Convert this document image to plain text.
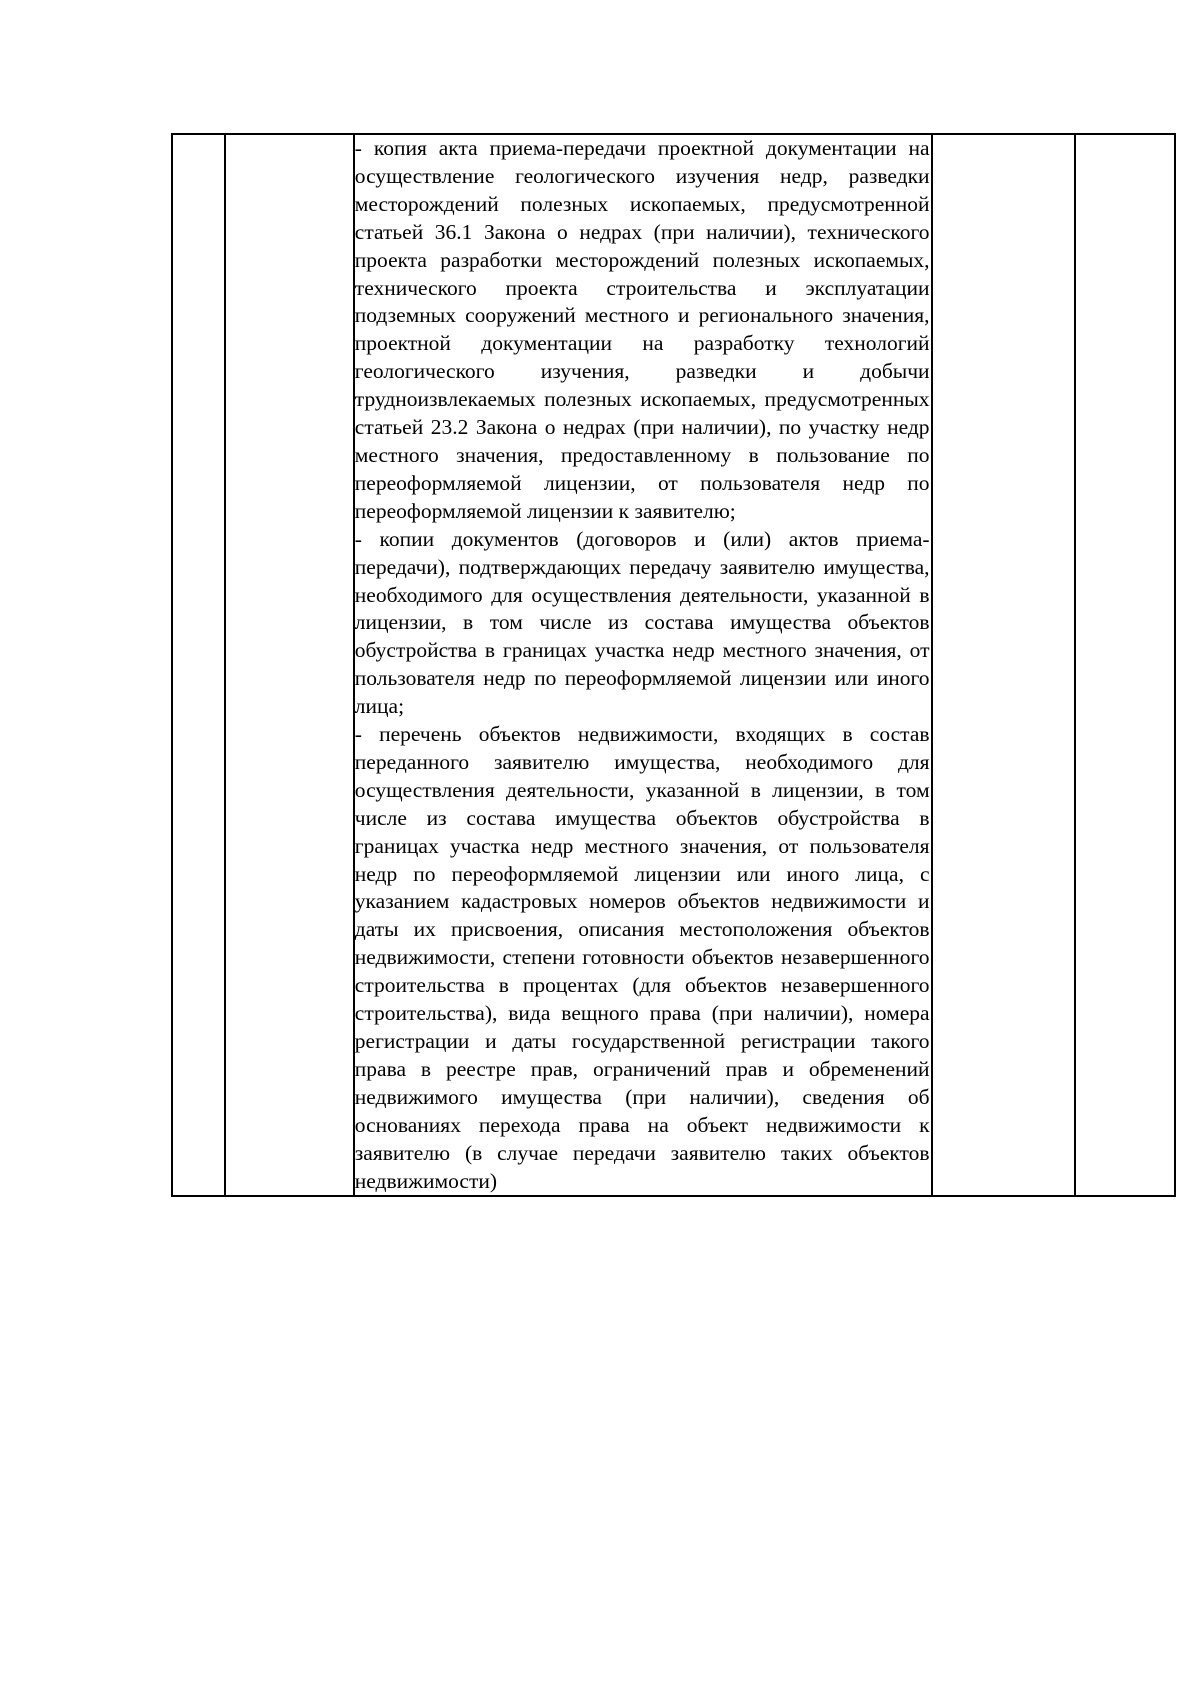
- копия акта приема-передачи проектной документации на осуществление геологического изучения недр, разведки месторождений полезных ископаемых, предусмотренной статьей 36.1 Закона о недрах (при наличии), технического проекта разработки месторождений полезных ископаемых, технического проекта строительства и эксплуатации подземных сооружений местного и регионального значения, проектной документации на разработку технологий геологического изучения, разведки и добычи трудноизвлекаемых полезных ископаемых, предусмотренных статьей 23.2 Закона о недрах (при наличии), по участку недр местного значения, предоставленному в пользование по переоформляемой лицензии, от пользователя недр по переоформляемой лицензии к заявителю;

- копии документов (договоров и (или) актов приема-передачи), подтверждающих передачу заявителю имущества, необходимого для осуществления деятельности, указанной в лицензии, в том числе из состава имущества объектов обустройства в границах участка недр местного значения, от пользователя недр по переоформляемой лицензии или иного лица;

- перечень объектов недвижимости, входящих в состав переданного заявителю имущества, необходимого для осуществления деятельности, указанной в лицензии, в том числе из состава имущества объектов обустройства в границах участка недр местного значения, от пользователя недр по переоформляемой лицензии или иного лица, с указанием кадастровых номеров объектов недвижимости и даты их присвоения, описания местоположения объектов недвижимости, степени готовности объектов незавершенного строительства в процентах (для объектов незавершенного строительства), вида вещного права (при наличии), номера регистрации и даты государственной регистрации такого права в реестре прав, ограничений прав и обременений недвижимого имущества (при наличии), сведения об основаниях перехода права на объект недвижимости к заявителю (в случае передачи заявителю таких объектов недвижимости)
